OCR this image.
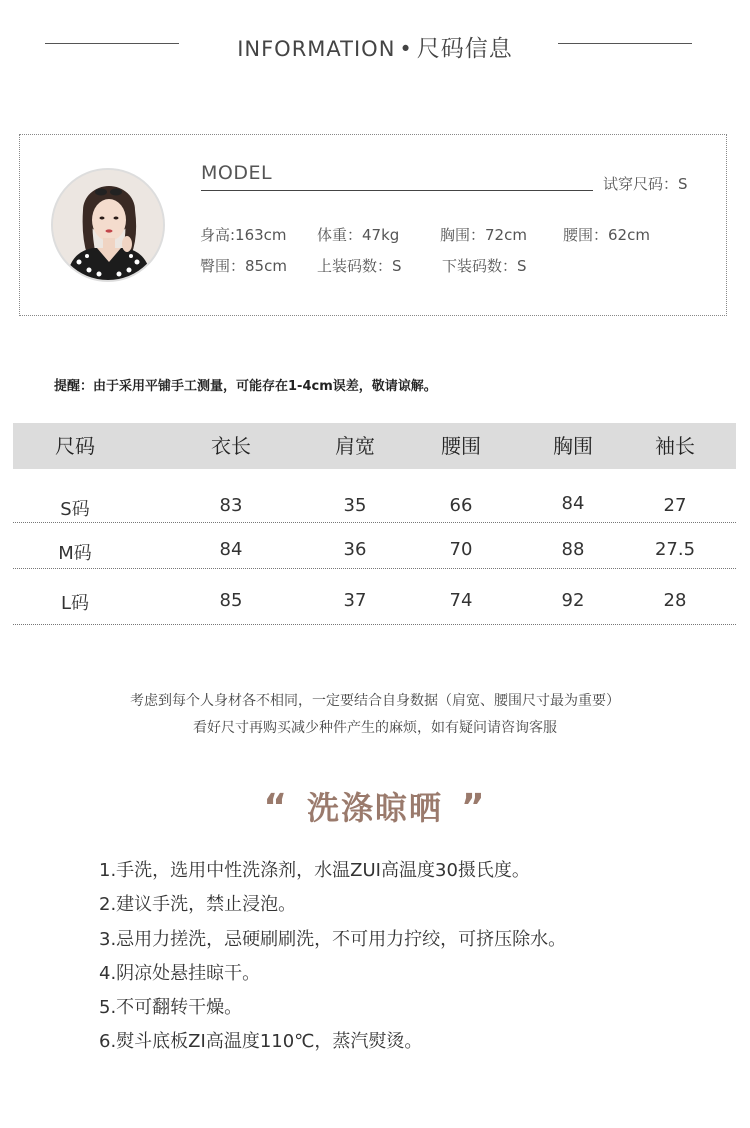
INFORMATION • 尺码信息
MODEL	试穿尺码：S
身高:163cm 体重：47kg	胸围：72cm 腰围：62cm
臀围：85cm 上装码数：S	下装码数：S
提醒：由于采用平铺手工测量，可能存在1-4cm误差，敬请谅解。
尺码	衣长	肩宽	腰围	胸围	袖长
S码	83	35	66	84	27
M码	84	36	70	88	27.5
L码	85	37	74	92	28
考虑到每个人身材各不相同，一定要结合自身数据（肩宽、腰围尺寸最为重要）
看好尺寸再购买减少种件产生的麻烦，如有疑问请咨询客服
“ 洗涤晾晒 ”
1.手洗，选用中性洗涤剂，水温ZUI高温度30摄氏度。
2.建议手洗，禁止浸泡。
3.忌用力搓洗，忌硬刷刷洗，不可用力拧绞，可挤压除水。
4.阴凉处悬挂晾干。
5.不可翻转干燥。
6.熨斗底板ZI高温度110℃，蒸汽熨烫。
